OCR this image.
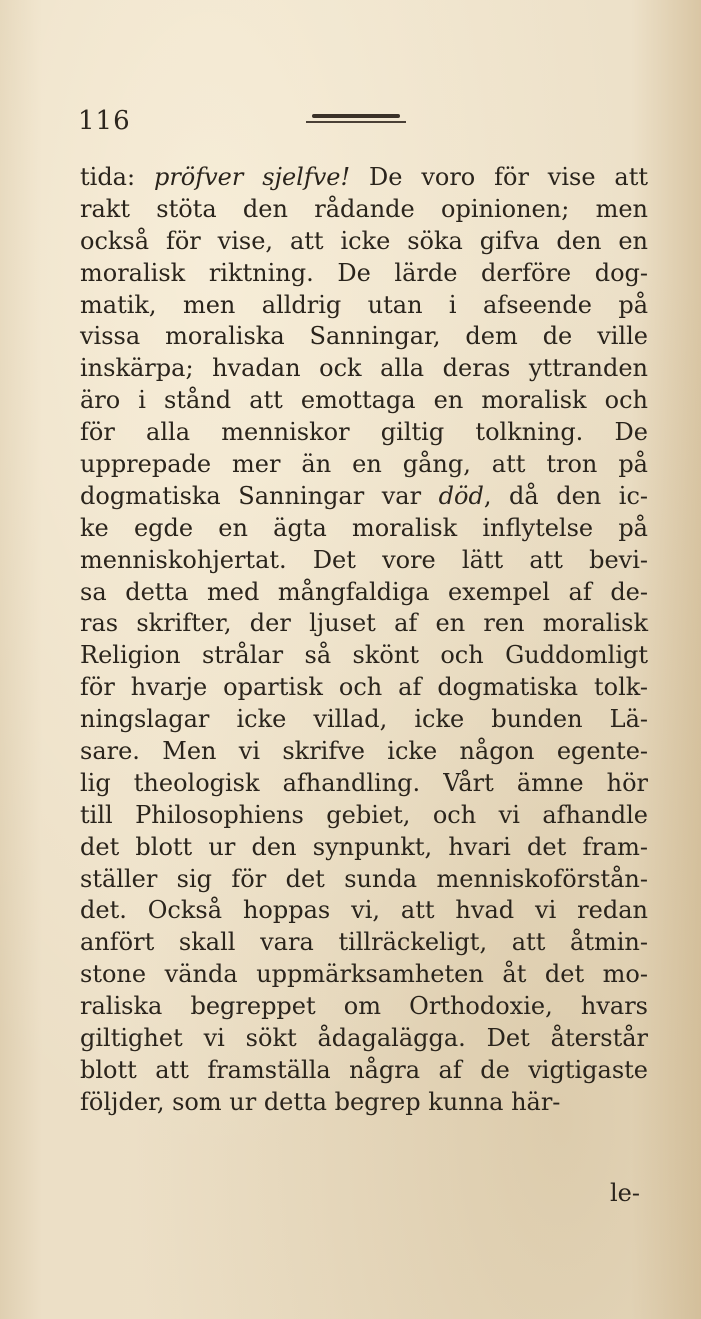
116
tida: pröfver sjelfve! De voro för vise att
rakt stöta den rådande opinionen; men
också för vise, att icke söka gifva den en
moralisk riktning. De lärde derföre dog-
matik, men alldrig utan i afseende på
vissa moraliska Sanningar, dem de ville
inskärpa; hvadan ock alla deras yttranden
äro i stånd att emottaga en moralisk och
för alla menniskor giltig tolkning. De
upprepade mer än en gång, att tron på
dogmatiska Sanningar var död, då den ic-
ke egde en ägta moralisk inflytelse på
menniskohjertat. Det vore lätt att bevi-
sa detta med mångfaldiga exempel af de-
ras skrifter, der ljuset af en ren moralisk
Religion strålar så skönt och Guddomligt
för hvarje opartisk och af dogmatiska tolk-
ningslagar icke villad, icke bunden Lä-
sare. Men vi skrifve icke någon egente-
lig theologisk afhandling. Vårt ämne hör
till Philosophiens gebiet, och vi afhandle
det blott ur den synpunkt, hvari det fram-
ställer sig för det sunda menniskoförstån-
det. Också hoppas vi, att hvad vi redan
anfört skall vara tillräckeligt, att åtmin-
stone vända uppmärksamheten åt det mo-
raliska begreppet om Orthodoxie, hvars
giltighet vi sökt ådagalägga. Det återstår
blott att framställa några af de vigtigaste
följder, som ur detta begrep kunna här-
le-
